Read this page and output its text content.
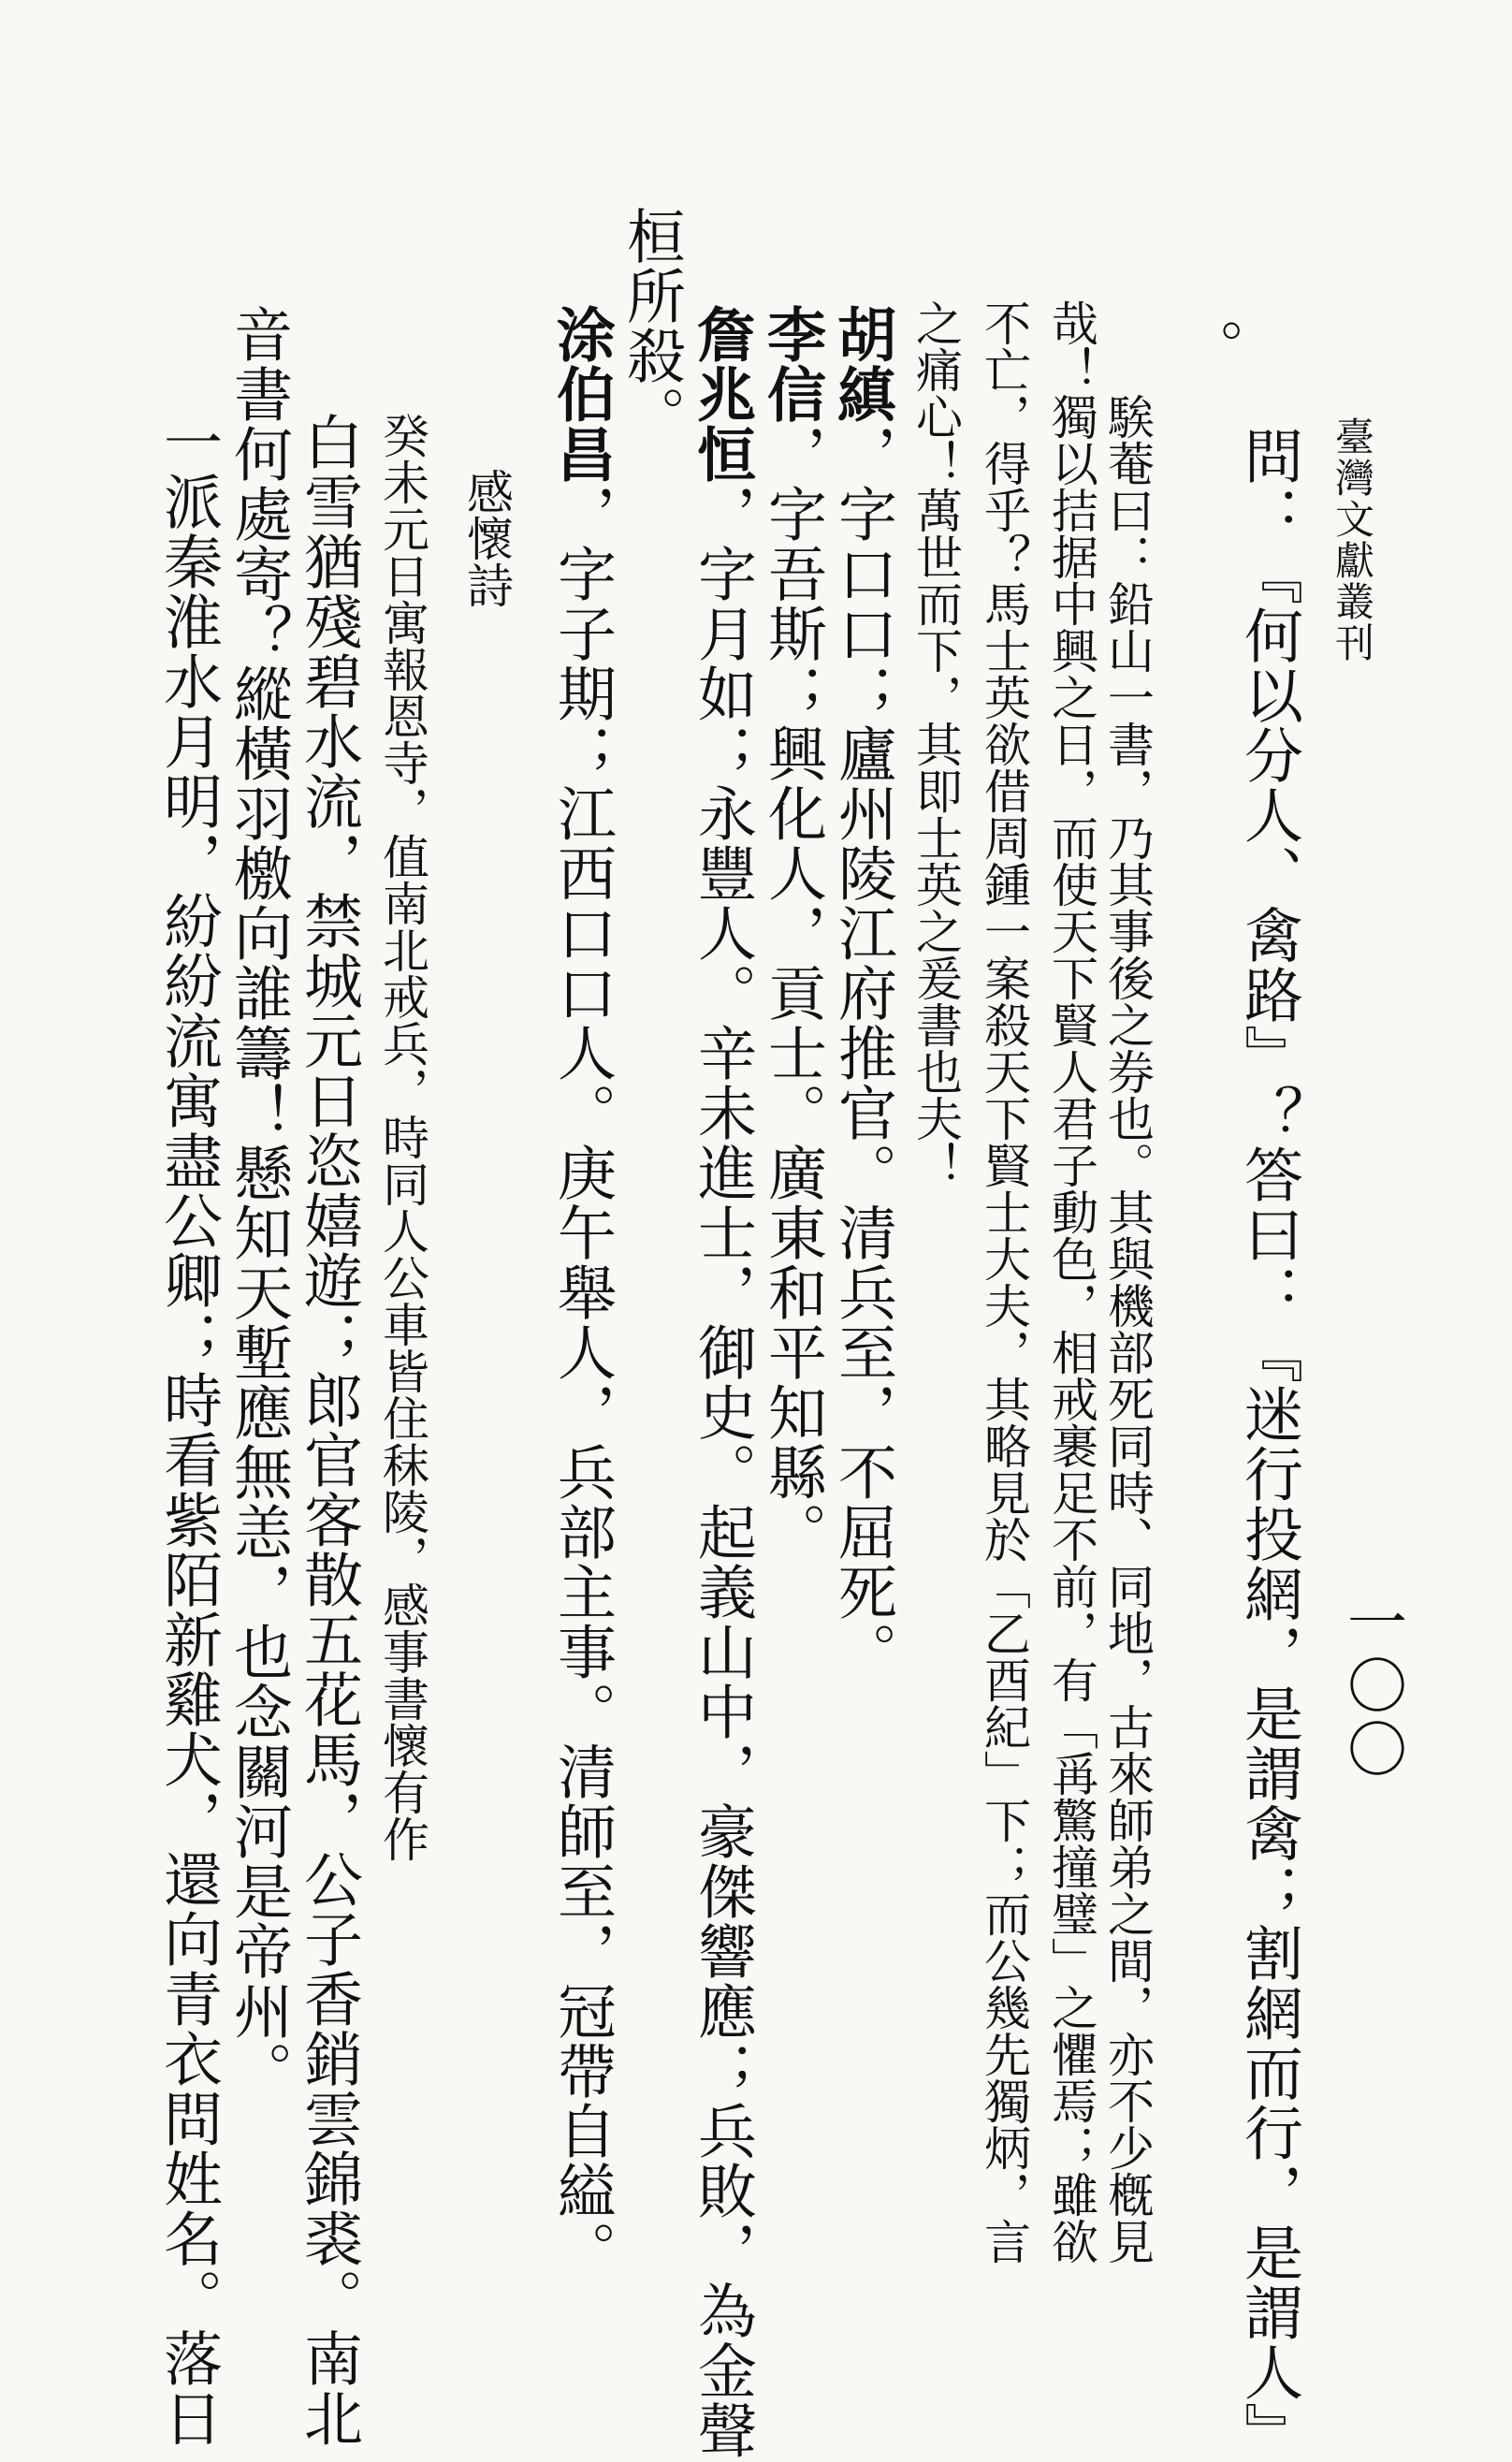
臺灣文獻叢刊
一〇〇
問：『何以分人、禽路』？答曰：『迷行投網，是謂禽；割網而行，是謂人』
。
騃菴曰：鉛山一書，乃其事後之券也。其與機部死同時、同地，古來師弟之間，亦不少槪見
哉！獨以拮据中興之日，而使天下賢人君子動色，相戒裹足不前，有「爯驚撞璧」之懼焉；雖欲
不亡，得乎？馬士英欲借周鍾一案殺天下賢士大夫，其略見於「乙酉紀」下；而公幾先獨炳，言
之痛心！萬世而下，其即士英之爰書也夫！
胡縝，字口口；廬州陵江府推官。清兵至，不屈死。
李信，字吾斯；興化人，貢士。廣東和平知縣。
詹兆恒，字月如；永豐人。辛未進士，御史。起義山中，豪傑響應；兵敗，為金聲
桓所殺。
涂伯昌，字子期；江西口口人。庚午舉人，兵部主事。清師至，冠帶自縊。
感懷詩
癸未元日寓報恩寺，值南北戒兵，時同人公車皆住秣陵，感事書懷有作
白雪猶殘碧水流，禁城元日恣嬉遊；郎官客散五花馬，公子香銷雲錦裘。南北
音書何處寄？縱橫羽檄向誰籌！懸知天塹應無恙，也念關河是帝州。
一派秦淮水月明，紛紛流寓盡公卿；時看紫陌新雞犬，還向青衣問姓名。落日
